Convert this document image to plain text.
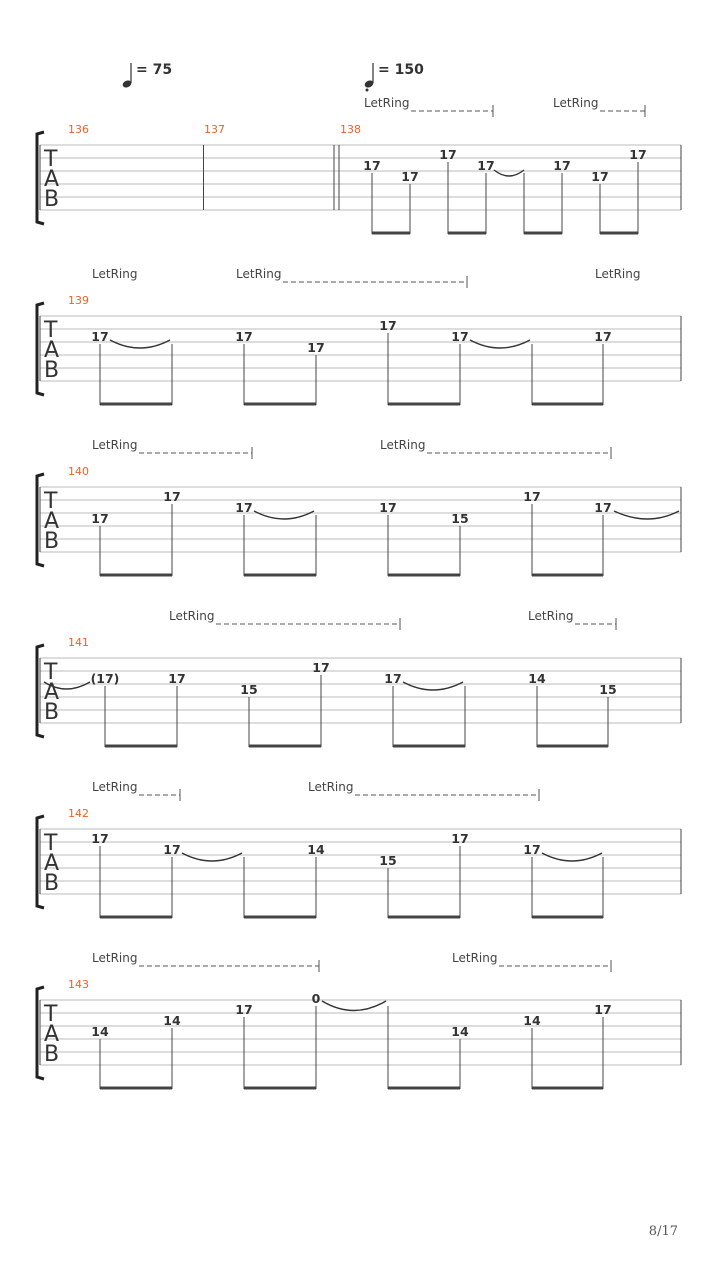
= 75	= 150
LetRing	LetRing
136	137	138
T
A
B
17
17
17
17	17
17
17
LetRing	LetRing	LetRing
139
T
A
B
17	17
17
17
17	17
LetRing	LetRing
140
T
A
B
17
17
17	17
15
17
17
LetRing	LetRing
141
T
A
B
(17)	17
15
17
17	14
15
LetRing	LetRing
142
T
A
B
17
17	14
15
17
17
LetRing	LetRing
143
T
A
B
14
14
17
0
14
14
17
8/17
